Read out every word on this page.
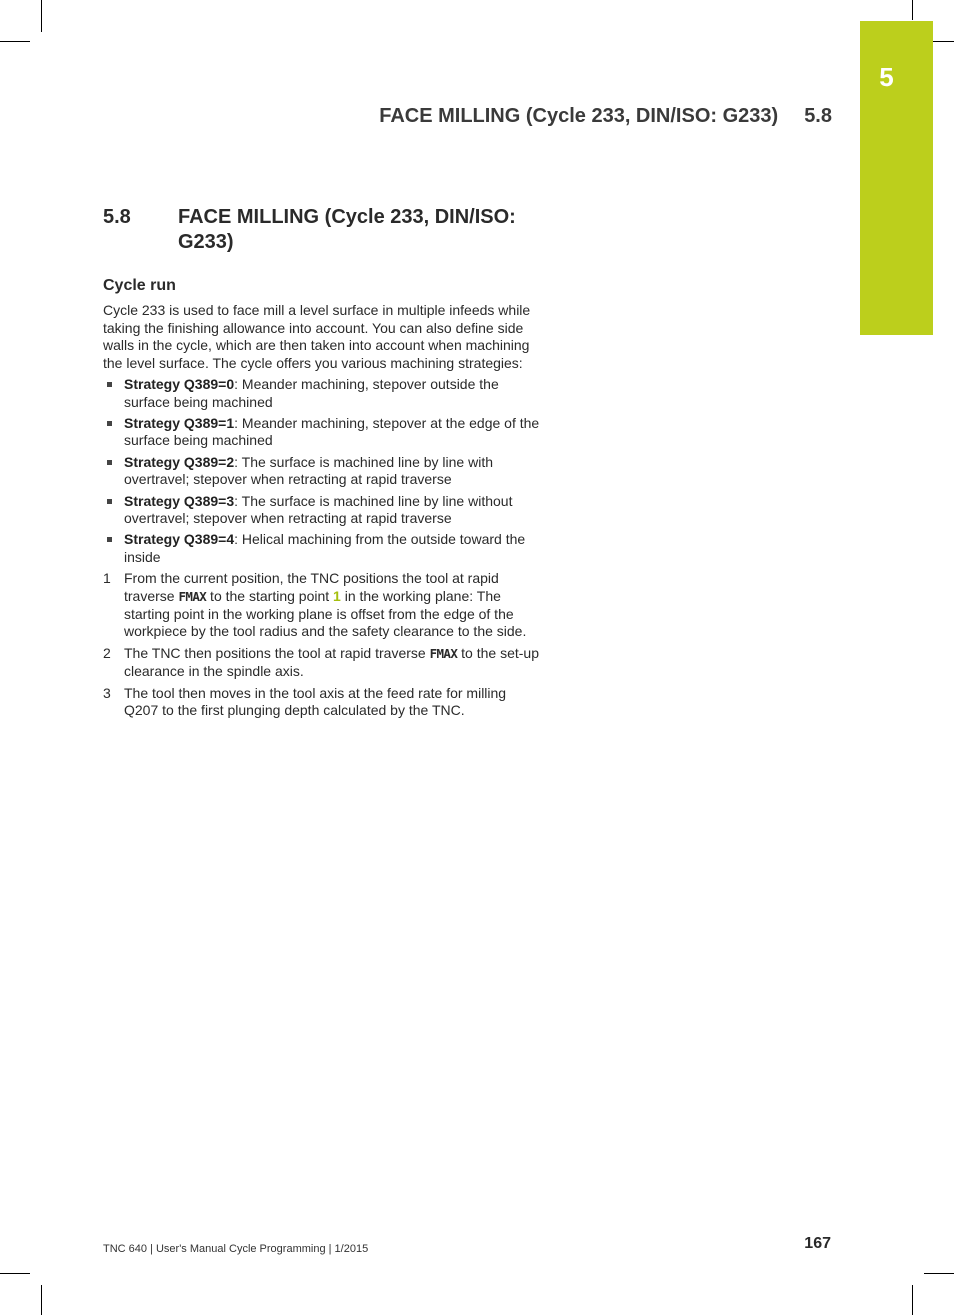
5
FACE MILLING (Cycle 233, DIN/ISO: G233) 5.8
5.8 FACE MILLING (Cycle 233, DIN/ISO: G233)
Cycle run

Cycle 233 is used to face mill a level surface in multiple infeeds while taking the finishing allowance into account. You can also define side walls in the cycle, which are then taken into account when machining the level surface. The cycle offers you various machining strategies:

Strategy Q389=0: Meander machining, stepover outside the surface being machined
Strategy Q389=1: Meander machining, stepover at the edge of the surface being machined
Strategy Q389=2: The surface is machined line by line with overtravel; stepover when retracting at rapid traverse
Strategy Q389=3: The surface is machined line by line without overtravel; stepover when retracting at rapid traverse
Strategy Q389=4: Helical machining from the outside toward the inside
1 From the current position, the TNC positions the tool at rapid traverse FMAX to the starting point 1 in the working plane: The starting point in the working plane is offset from the edge of the workpiece by the tool radius and the safety clearance to the side.
2 The TNC then positions the tool at rapid traverse FMAX to the set-up clearance in the spindle axis.
3 The tool then moves in the tool axis at the feed rate for milling Q207 to the first plunging depth calculated by the TNC.
TNC 640 | User's Manual Cycle Programming | 1/2015	167
